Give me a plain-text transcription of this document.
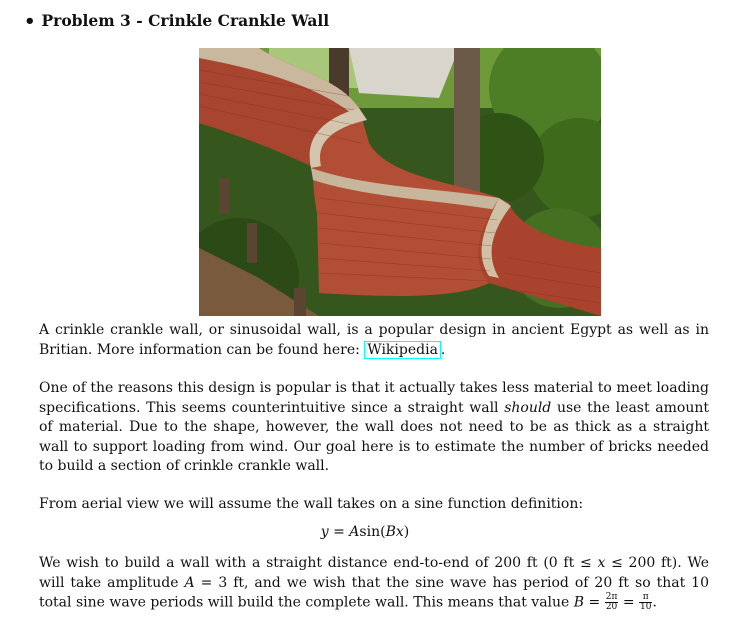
• Problem 3 - Crinkle Crankle Wall

A crinkle crankle wall, or sinusoidal wall, is a popular design in ancient Egypt as well as in Britian. More information can be found here: Wikipedia .

One of the reasons this design is popular is that it actually takes less material to meet loading specifications. This seems counterintuitive since a straight wall should use the least amount of material. Due to the shape, however, the wall does not need to be as thick as a straight wall to support loading from wind. Our goal here is to estimate the number of bricks needed to build a section of crinkle crankle wall.

From aerial view we will assume the wall takes on a sine function definition:

y = Asin(Bx)

We wish to build a wall with a straight distance end-to-end of 200 ft (0 ft ≤ x ≤ 200 ft). We will take amplitude A = 3 ft, and we wish that the sine wave has period of 20 ft so that 10 total sine wave periods will build the complete wall. This means that value $B = \frac{2\pi}{20} = \frac{\pi}{10}$ .
